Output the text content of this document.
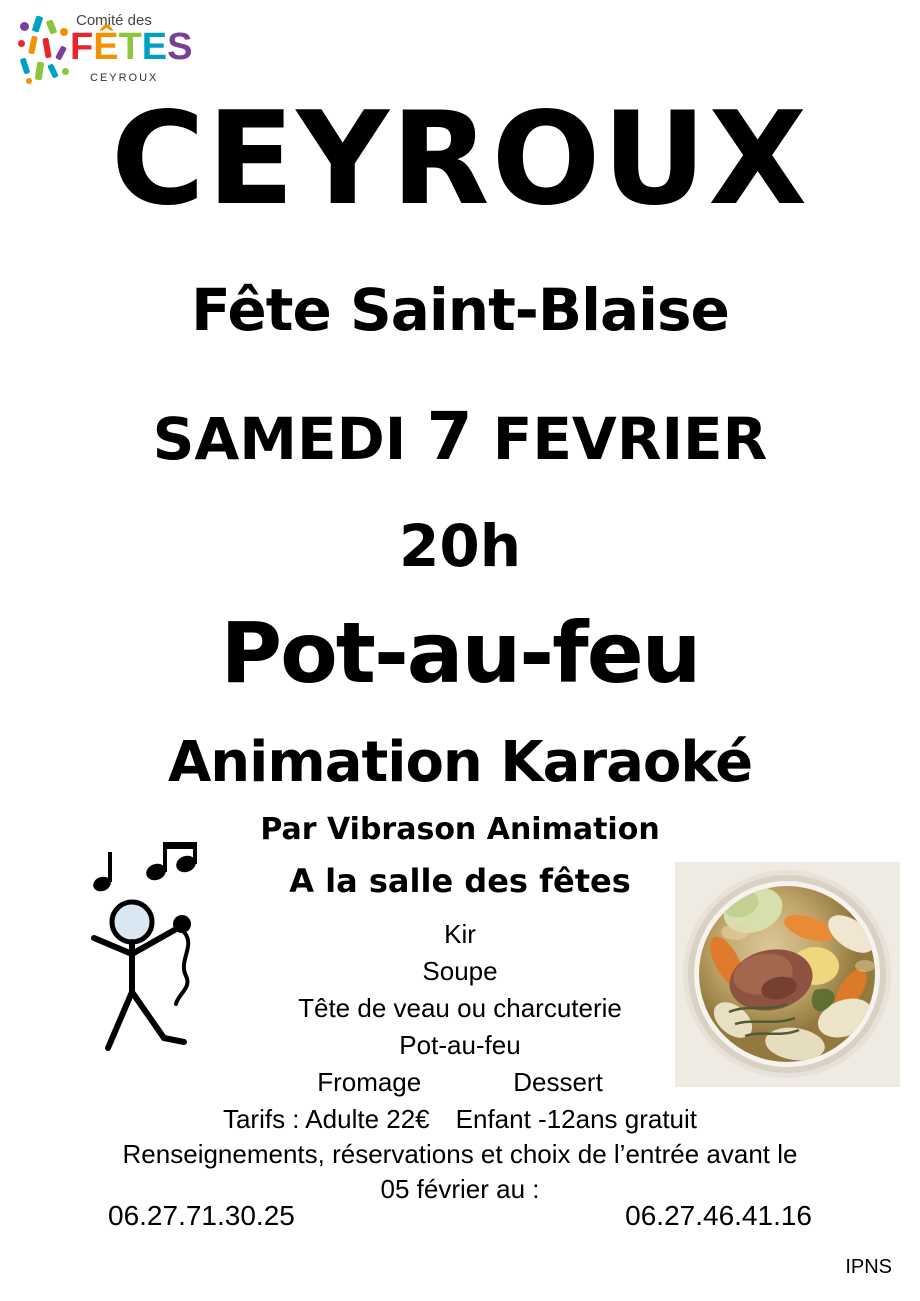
Comité des
FÊTES
CEYROUX
CEYROUX
Fête Saint-Blaise
SAMEDI 7 FEVRIER
20h
Pot-au-feu
Animation Karaoké
Par Vibrason Animation
A la salle des fêtes
Kir
Soupe
Tête de veau ou charcuterie
Pot-au-feu
Fromage	Dessert
Tarifs : Adulte 22€ Enfant -12ans gratuit
Renseignements, réservations et choix de l’entrée avant le
05 février au :
06.27.71.30.25	06.27.46.41.16
IPNS
